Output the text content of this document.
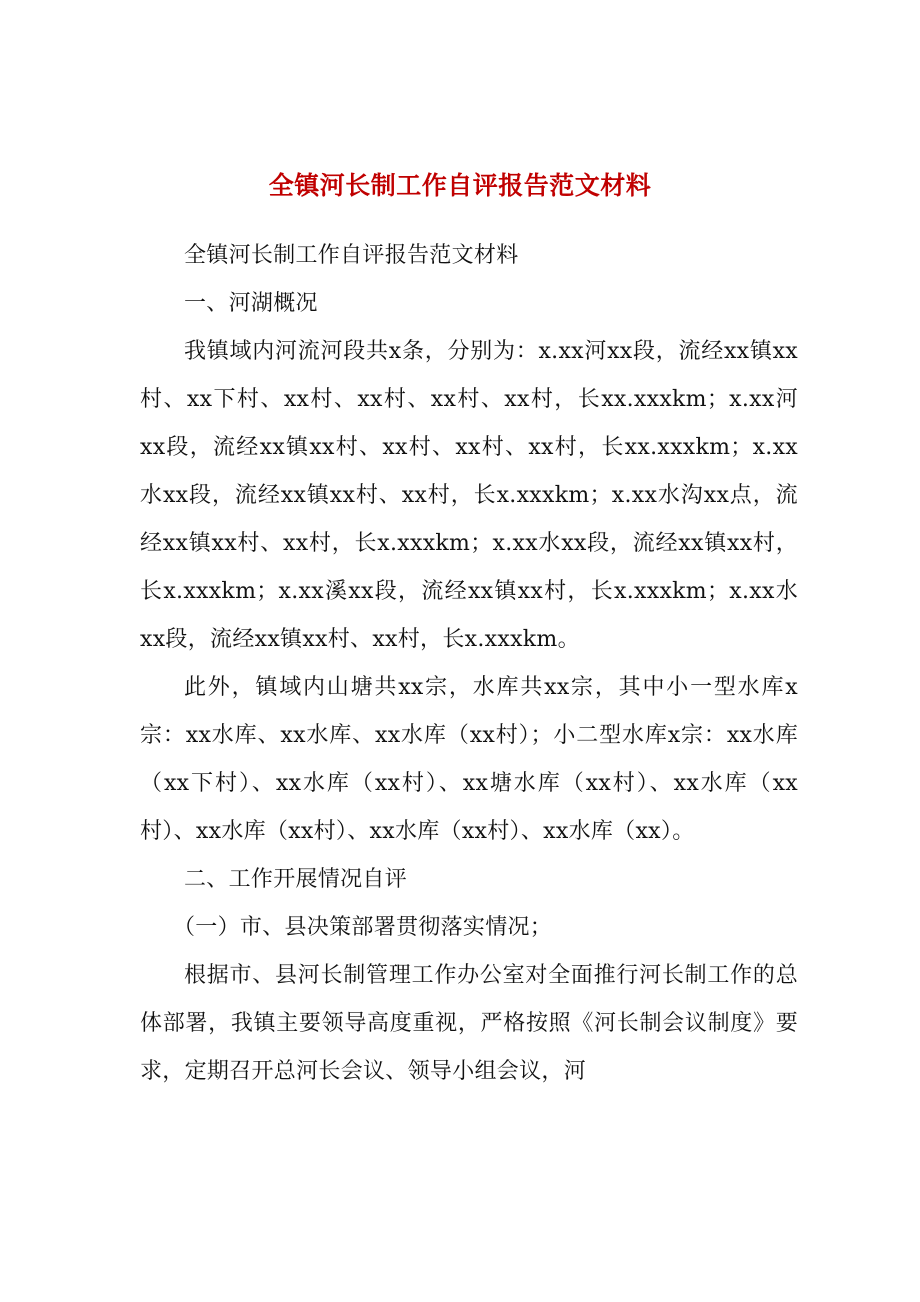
全镇河长制工作自评报告范文材料

全镇河长制工作自评报告范文材料

一、河湖概况

我镇域内河流河段共x条，分别为：x.xx河xx段，流经xx镇xx村、xx下村、xx村、xx村、xx村、xx村，长xx.xxxkm；x.xx河xx段，流经xx镇xx村、xx村、xx村、xx村，长xx.xxxkm；x.xx水xx段，流经xx镇xx村、xx村，长x.xxxkm；x.xx水沟xx点，流经xx镇xx村、xx村，长x.xxxkm；x.xx水xx段，流经xx镇xx村，长x.xxxkm；x.xx溪xx段，流经xx镇xx村，长x.xxxkm；x.xx水xx段，流经xx镇xx村、xx村，长x.xxxkm。

此外，镇域内山塘共xx宗，水库共xx宗，其中小一型水库x宗：xx水库、xx水库、xx水库（xx村）；小二型水库x宗：xx水库（xx下村）、xx水库（xx村）、xx塘水库（xx村）、xx水库（xx村）、xx水库（xx村）、xx水库（xx村）、xx水库（xx）。

二、工作开展情况自评

（一）市、县决策部署贯彻落实情况；

根据市、县河长制管理工作办公室对全面推行河长制工作的总体部署，我镇主要领导高度重视，严格按照《河长制会议制度》要求，定期召开总河长会议、领导小组会议，河
